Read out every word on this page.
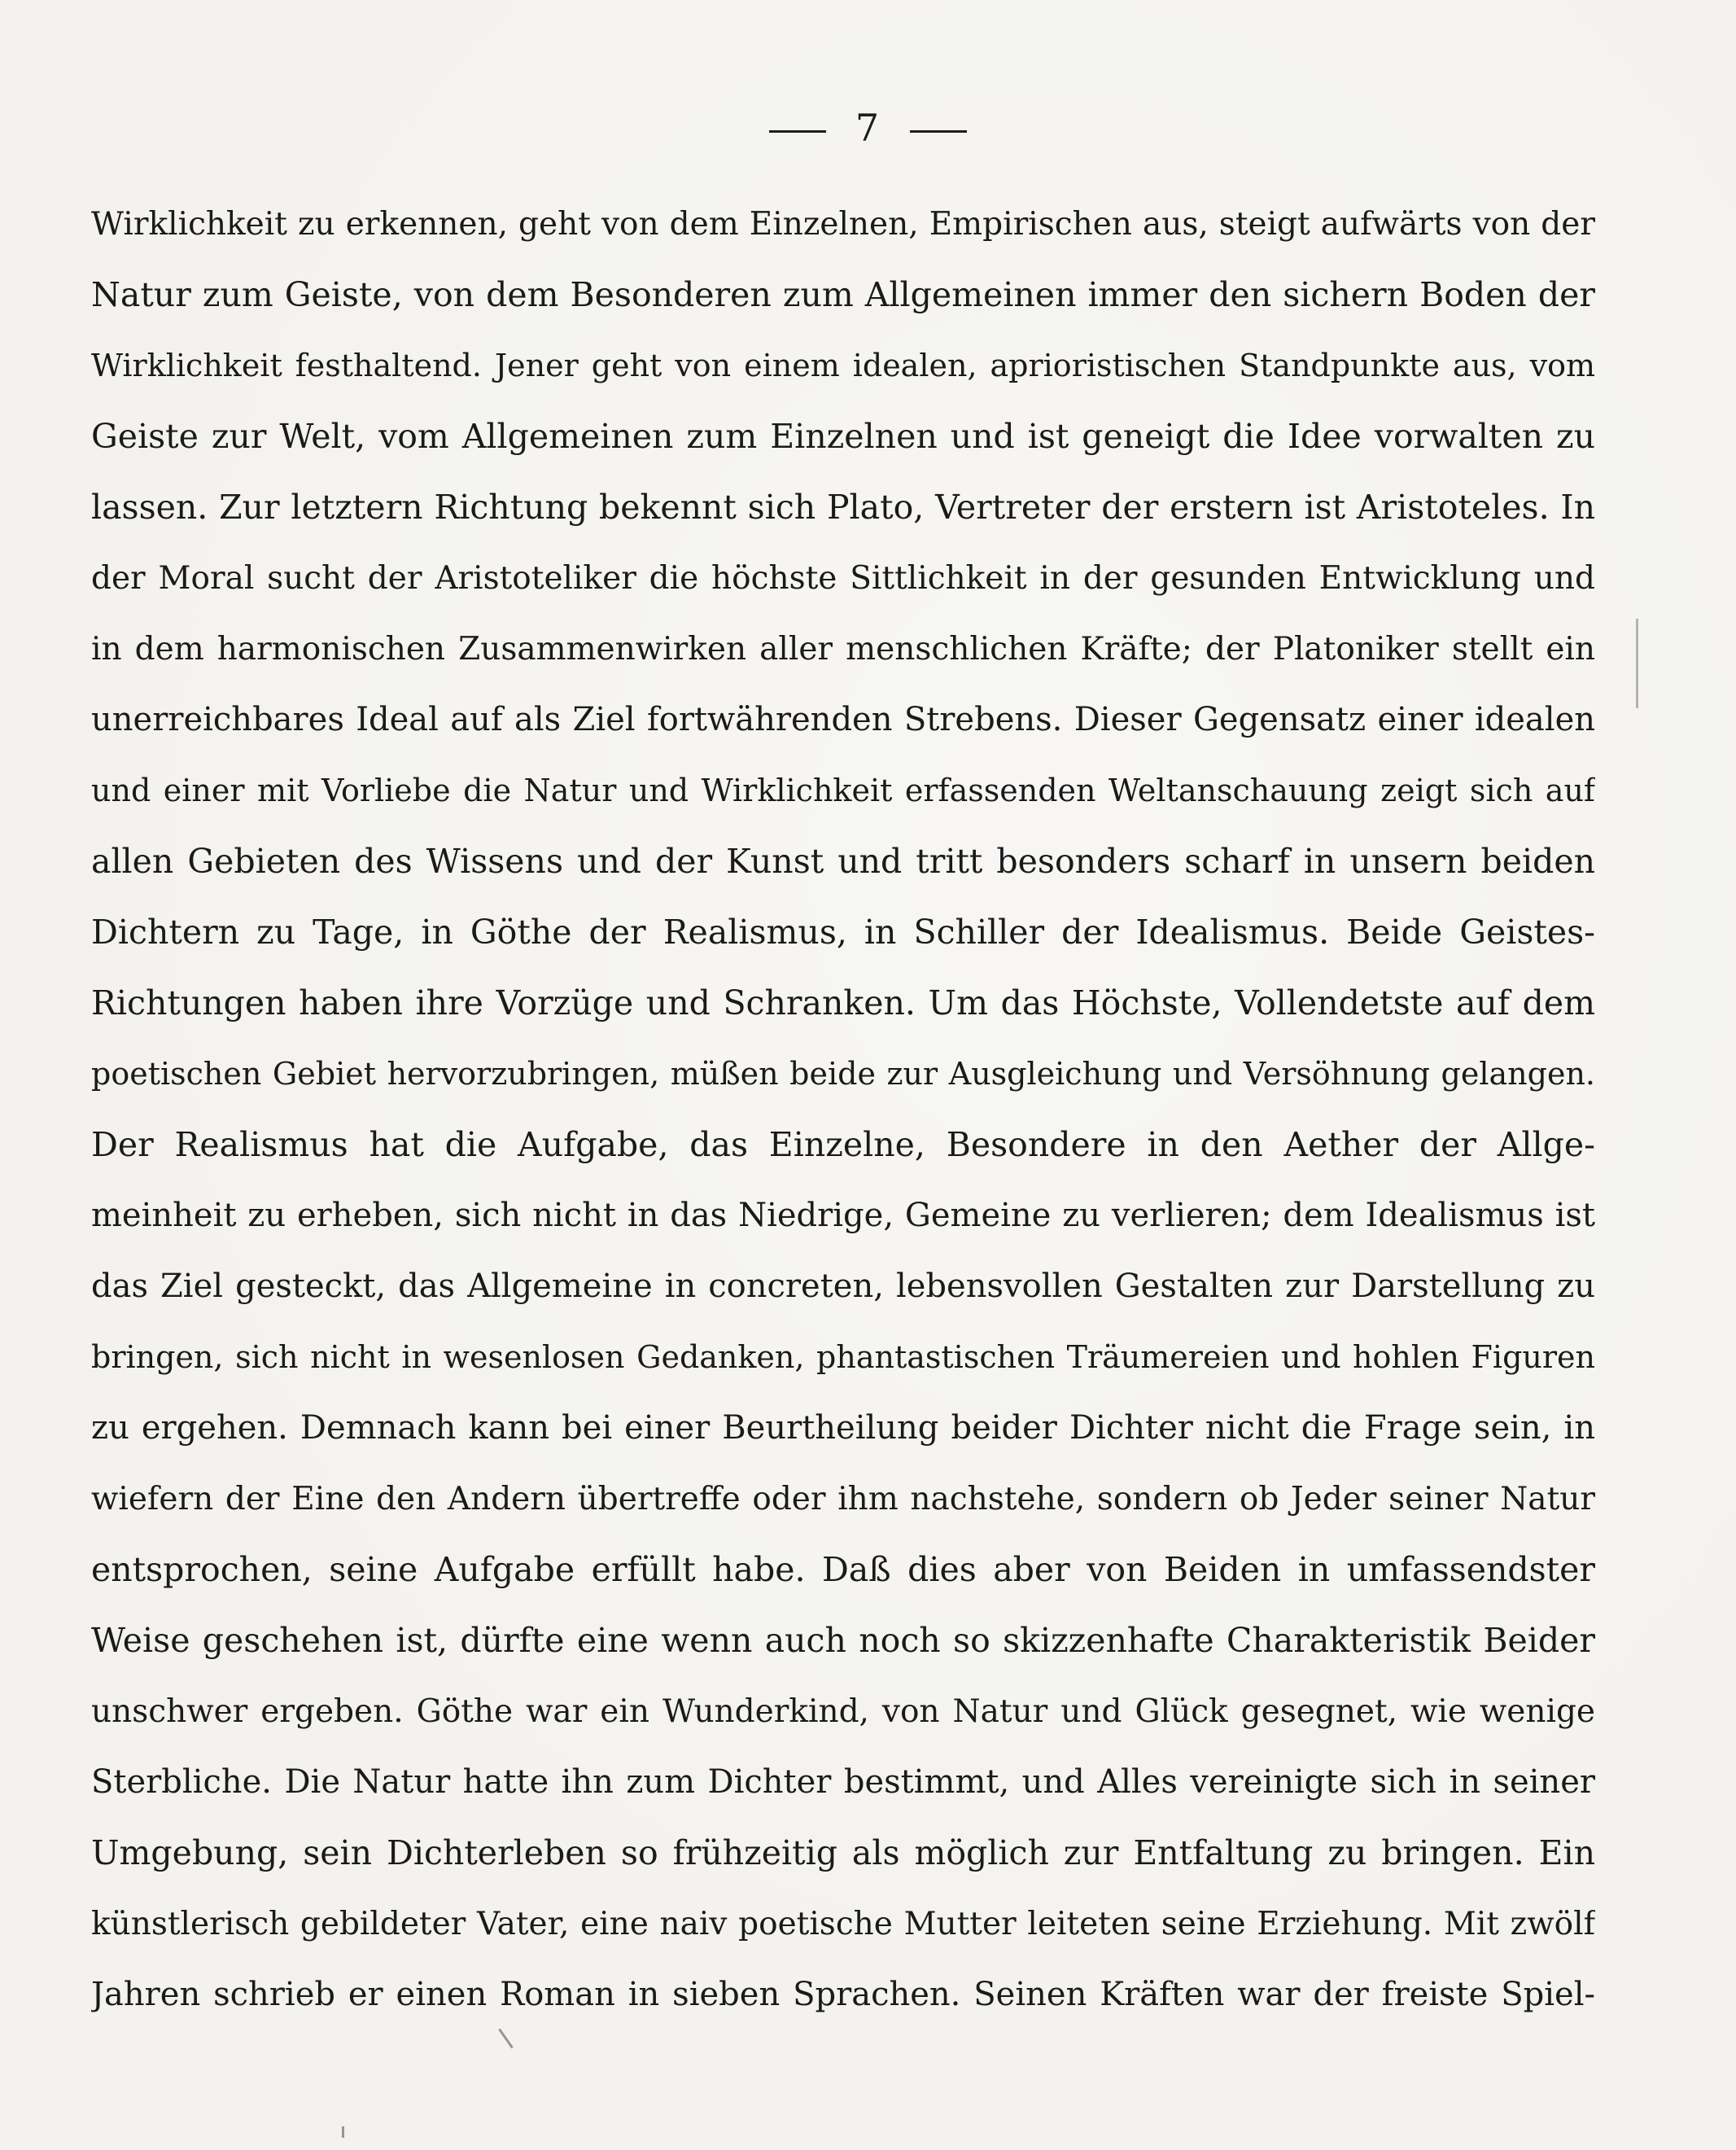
7
Wirklichkeit zu erkennen, geht von dem Einzelnen, Empirischen aus, steigt aufwärts von der
Natur zum Geiste, von dem Besonderen zum Allgemeinen immer den sichern Boden der
Wirklichkeit festhaltend. Jener geht von einem idealen, aprioristischen Standpunkte aus, vom
Geiste zur Welt, vom Allgemeinen zum Einzelnen und ist geneigt die Idee vorwalten zu
lassen. Zur letztern Richtung bekennt sich Plato, Vertreter der erstern ist Aristoteles. In
der Moral sucht der Aristoteliker die höchste Sittlichkeit in der gesunden Entwicklung und
in dem harmonischen Zusammenwirken aller menschlichen Kräfte; der Platoniker stellt ein
unerreichbares Ideal auf als Ziel fortwährenden Strebens. Dieser Gegensatz einer idealen
und einer mit Vorliebe die Natur und Wirklichkeit erfassenden Weltanschauung zeigt sich auf
allen Gebieten des Wissens und der Kunst und tritt besonders scharf in unsern beiden
Dichtern zu Tage, in Göthe der Realismus, in Schiller der Idealismus. Beide Geistes-
Richtungen haben ihre Vorzüge und Schranken. Um das Höchste, Vollendetste auf dem
poetischen Gebiet hervorzubringen, müßen beide zur Ausgleichung und Versöhnung gelangen.
Der Realismus hat die Aufgabe, das Einzelne, Besondere in den Aether der Allge-
meinheit zu erheben, sich nicht in das Niedrige, Gemeine zu verlieren; dem Idealismus ist
das Ziel gesteckt, das Allgemeine in concreten, lebensvollen Gestalten zur Darstellung zu
bringen, sich nicht in wesenlosen Gedanken, phantastischen Träumereien und hohlen Figuren
zu ergehen. Demnach kann bei einer Beurtheilung beider Dichter nicht die Frage sein, in
wiefern der Eine den Andern übertreffe oder ihm nachstehe, sondern ob Jeder seiner Natur
entsprochen, seine Aufgabe erfüllt habe. Daß dies aber von Beiden in umfassendster
Weise geschehen ist, dürfte eine wenn auch noch so skizzenhafte Charakteristik Beider
unschwer ergeben. Göthe war ein Wunderkind, von Natur und Glück gesegnet, wie wenige
Sterbliche. Die Natur hatte ihn zum Dichter bestimmt, und Alles vereinigte sich in seiner
Umgebung, sein Dichterleben so frühzeitig als möglich zur Entfaltung zu bringen. Ein
künstlerisch gebildeter Vater, eine naiv poetische Mutter leiteten seine Erziehung. Mit zwölf
Jahren schrieb er einen Roman in sieben Sprachen. Seinen Kräften war der freiste Spiel-
